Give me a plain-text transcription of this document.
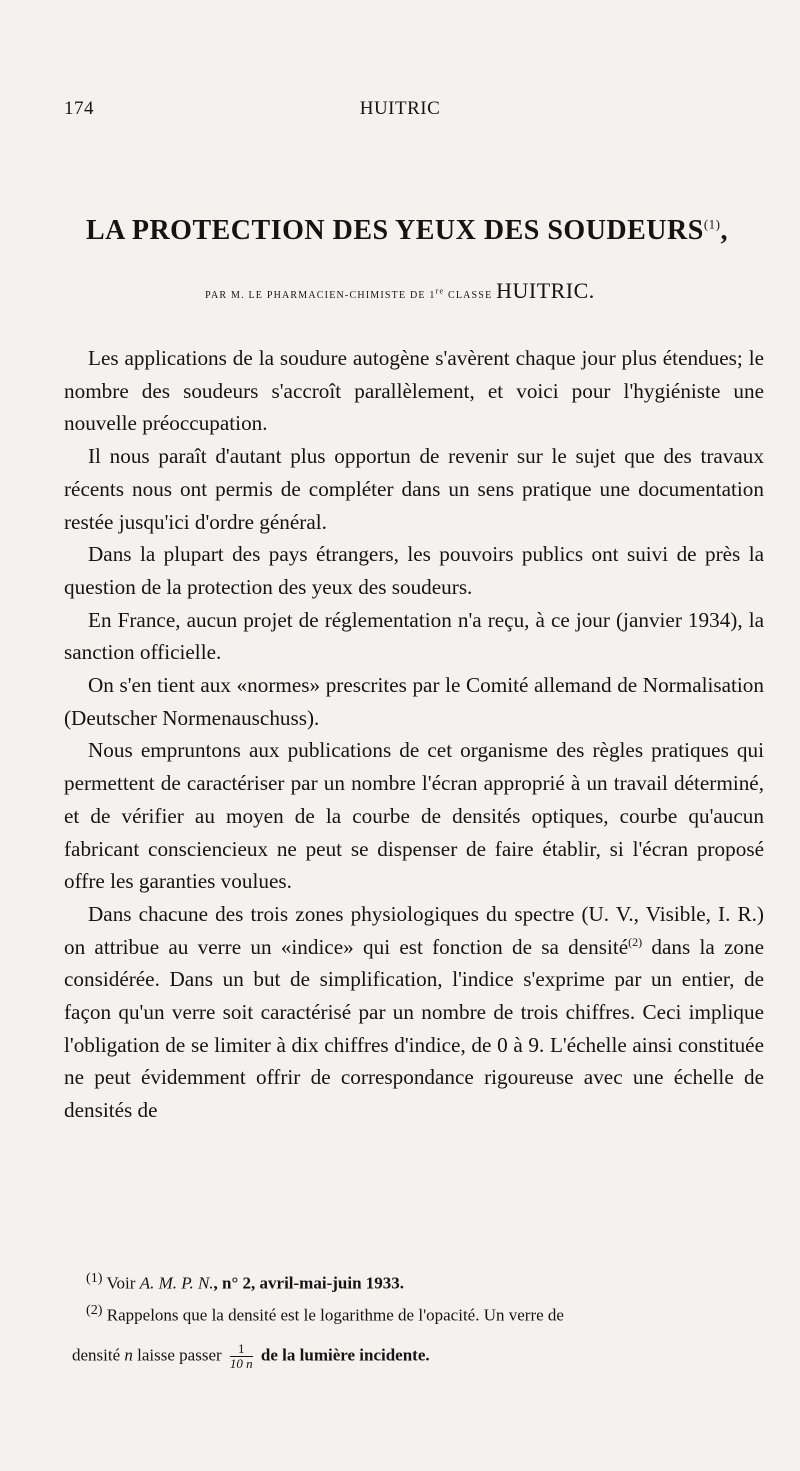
174	HUITRIC
LA PROTECTION DES YEUX DES SOUDEURS$^{(1)}$,
PAR M. LE PHARMACIEN-CHIMISTE DE 1re CLASSE HUITRIC.

Les applications de la soudure autogène s'avèrent chaque jour plus étendues; le nombre des soudeurs s'accroît parallèlement, et voici pour l'hygiéniste une nouvelle préoccupation.

Il nous paraît d'autant plus opportun de revenir sur le sujet que des travaux récents nous ont permis de compléter dans un sens pratique une documentation restée jusqu'ici d'ordre général.

Dans la plupart des pays étrangers, les pouvoirs publics ont suivi de près la question de la protection des yeux des soudeurs.

En France, aucun projet de réglementation n'a reçu, à ce jour (janvier 1934), la sanction officielle.

On s'en tient aux «normes» prescrites par le Comité allemand de Normalisation (Deutscher Normenauschuss).

Nous empruntons aux publications de cet organisme des règles pratiques qui permettent de caractériser par un nombre l'écran approprié à un travail déterminé, et de vérifier au moyen de la courbe de densités optiques, courbe qu'aucun fabricant consciencieux ne peut se dispenser de faire établir, si l'écran proposé offre les garanties voulues.

Dans chacune des trois zones physiologiques du spectre (U. V., Visible, I. R.) on attribue au verre un «indice» qui est fonction de sa densité$^{(2)}$ dans la zone considérée. Dans un but de simplification, l'indice s'exprime par un entier, de façon qu'un verre soit caractérisé par un nombre de trois chiffres. Ceci implique l'obligation de se limiter à dix chiffres d'indice, de 0 à 9. L'échelle ainsi constituée ne peut évidemment offrir de correspondance rigoureuse avec une échelle de densités de

$^{(1)}$ Voir A. M. P. N., n° 2, avril-mai-juin 1933.

$^{(2)}$ Rappelons que la densité est le logarithme de l'opacité. Un verre de

densité n laisse passer $\frac{1}{10 n}$ de la lumière incidente.
